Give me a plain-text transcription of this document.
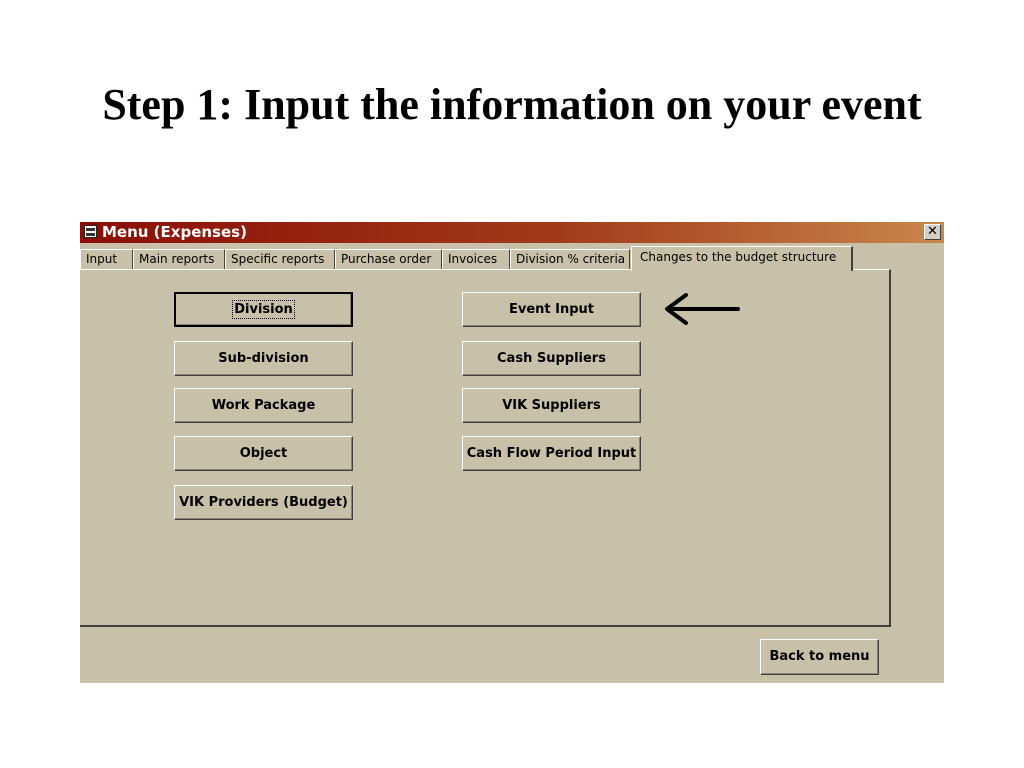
Step 1: Input the information on your event
Menu (Expenses)	✕
Input	Main reports	Specific reports	Purchase order	Invoices	Division % criteria	Changes to the budget structure
Division
Sub-division
Work Package
Object
VIK Providers (Budget)
Event Input
Cash Suppliers
VIK Suppliers
Cash Flow Period Input
Back to menu
